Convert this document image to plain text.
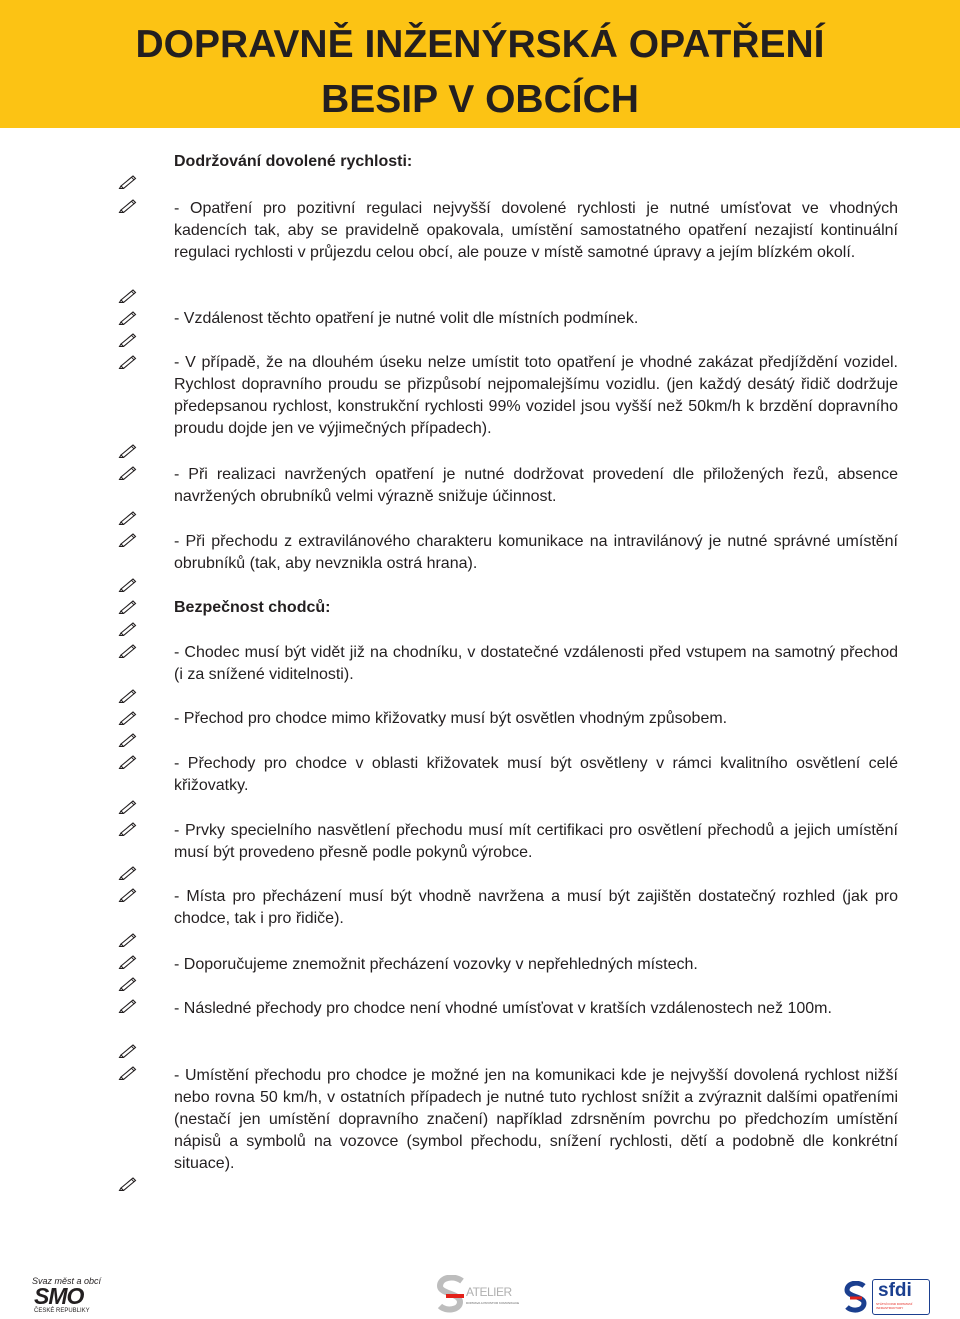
DOPRAVNĚ INŽENÝRSKÁ OPATŘENÍ
BESIP V OBCÍCH

Dodržování dovolené rychlosti:

Bezpečnost chodců:

- Opatření pro pozitivní regulaci nejvyšší dovolené rychlosti je nutné umísťovat ve vhodných kadencích tak, aby se pravidelně opakovala, umístění samostatného opatření nezajistí kontinuální regulaci rychlosti v průjezdu celou obcí, ale pouze v místě samotné úpravy a jejím blízkém okolí.

- Vzdálenost těchto opatření je nutné volit dle místních podmínek.

- V případě, že na dlouhém úseku nelze umístit toto opatření je vhodné zakázat předjíždění vozidel. Rychlost dopravního proudu se přizpůsobí nejpomalejšímu vozidlu. (jen každý desátý řidič dodržuje předepsanou rychlost, konstrukční rychlosti 99% vozidel jsou vyšší než 50km/h k brzdění dopravního proudu dojde jen ve výjimečných případech).

- Při realizaci navržených opatření je nutné dodržovat provedení dle přiložených řezů, absence navržených obrubníků velmi výrazně snižuje účinnost.

- Při přechodu z extravilánového charakteru komunikace na intravilánový je nutné správné umístění obrubníků (tak, aby nevznikla ostrá hrana).

- Chodec musí být vidět již na chodníku, v dostatečné vzdálenosti před vstupem na samotný přechod (i za snížené viditelnosti).

- Přechod pro chodce mimo křižovatky musí být osvětlen vhodným způsobem.

- Přechody pro chodce v oblasti křižovatek musí být osvětleny v rámci kvalitního osvětlení celé křižovatky.

- Prvky specielního nasvětlení přechodu musí mít certifikaci pro osvětlení přechodů a jejich umístění musí být provedeno přesně podle pokynů výrobce.

- Místa pro přecházení musí být vhodně navržena a musí být zajištěn dostatečný rozhled (jak pro chodce, tak i pro řidiče).

- Doporučujeme znemožnit přecházení vozovky v nepřehledných místech.

- Následné přechody pro chodce není vhodné umísťovat v kratších vzdálenostech než 100m.

- Umístění přechodu pro chodce je možné jen na komunikaci kde je nejvyšší dovolená rychlost nižší nebo rovna 50 km/h, v ostatních případech je nutné tuto rychlost snížit a zvýraznit dalšími opatřeními (nestačí jen umístění dopravního značení) například zdrsněním povrchu po předchozím umístění nápisů a symbolů na vozovce (symbol přechodu, snížení rychlosti, dětí a podobně dle konkrétní situace).

Svaz měst a obcí
SMO
ČESKÉ REPUBLIKY
ATELIER
DOPRAVA A PROSTOR KOMUNIKACE
sfdi
STÁTNÍ FOND DOPRAVNÍ INFRASTRUKTURY
